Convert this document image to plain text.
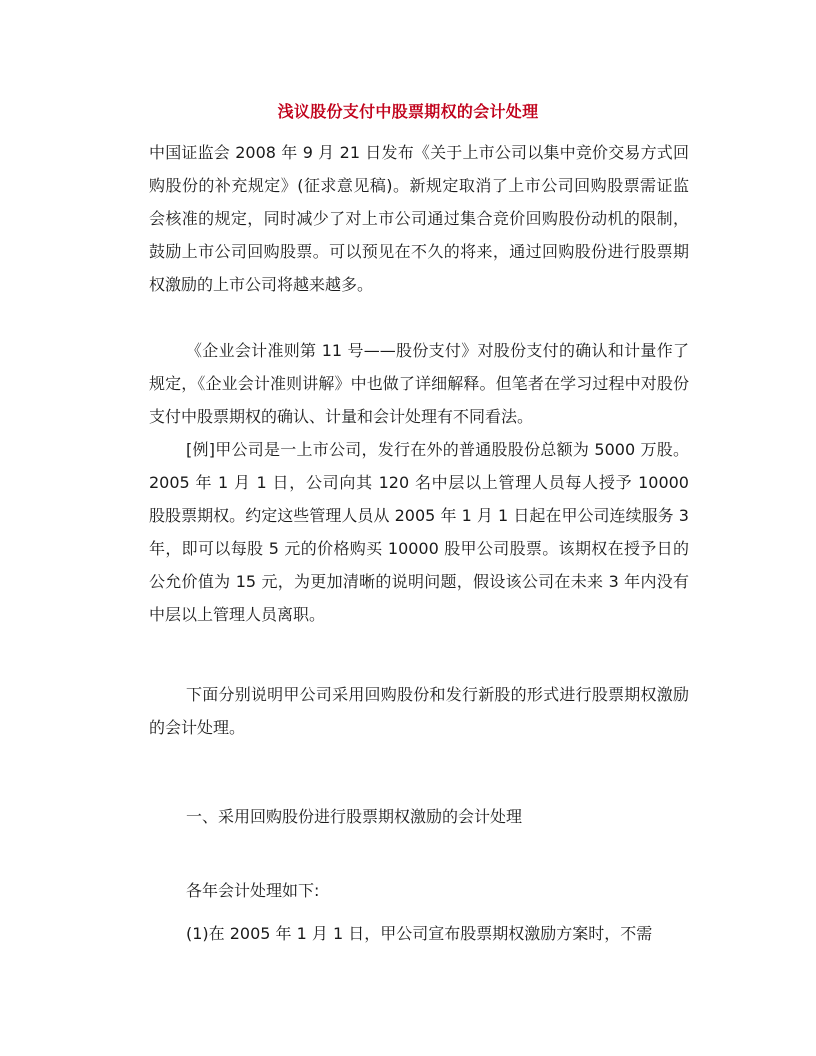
浅议股份支付中股票期权的会计处理
中国证监会 2008 年 9 月 21 日发布《关于上市公司以集中竞价交易方式回购股份的补充规定》(征求意见稿)。新规定取消了上市公司回购股票需证监会核准的规定，同时减少了对上市公司通过集合竞价回购股份动机的限制，鼓励上市公司回购股票。可以预见在不久的将来，通过回购股份进行股票期权激励的上市公司将越来越多。
《企业会计准则第 11 号——股份支付》对股份支付的确认和计量作了规定，《企业会计准则讲解》中也做了详细解释。但笔者在学习过程中对股份支付中股票期权的确认、计量和会计处理有不同看法。
[例]甲公司是一上市公司，发行在外的普通股股份总额为 5000 万股。2005 年 1 月 1 日，公司向其 120 名中层以上管理人员每人授予 10000 股股票期权。约定这些管理人员从 2005 年 1 月 1 日起在甲公司连续服务 3 年，即可以每股 5 元的价格购买 10000 股甲公司股票。该期权在授予日的公允价值为 15 元，为更加清晰的说明问题，假设该公司在未来 3 年内没有中层以上管理人员离职。
下面分别说明甲公司采用回购股份和发行新股的形式进行股票期权激励的会计处理。
一、采用回购股份进行股票期权激励的会计处理
各年会计处理如下:
(1)在 2005 年 1 月 1 日，甲公司宣布股票期权激励方案时，不需
